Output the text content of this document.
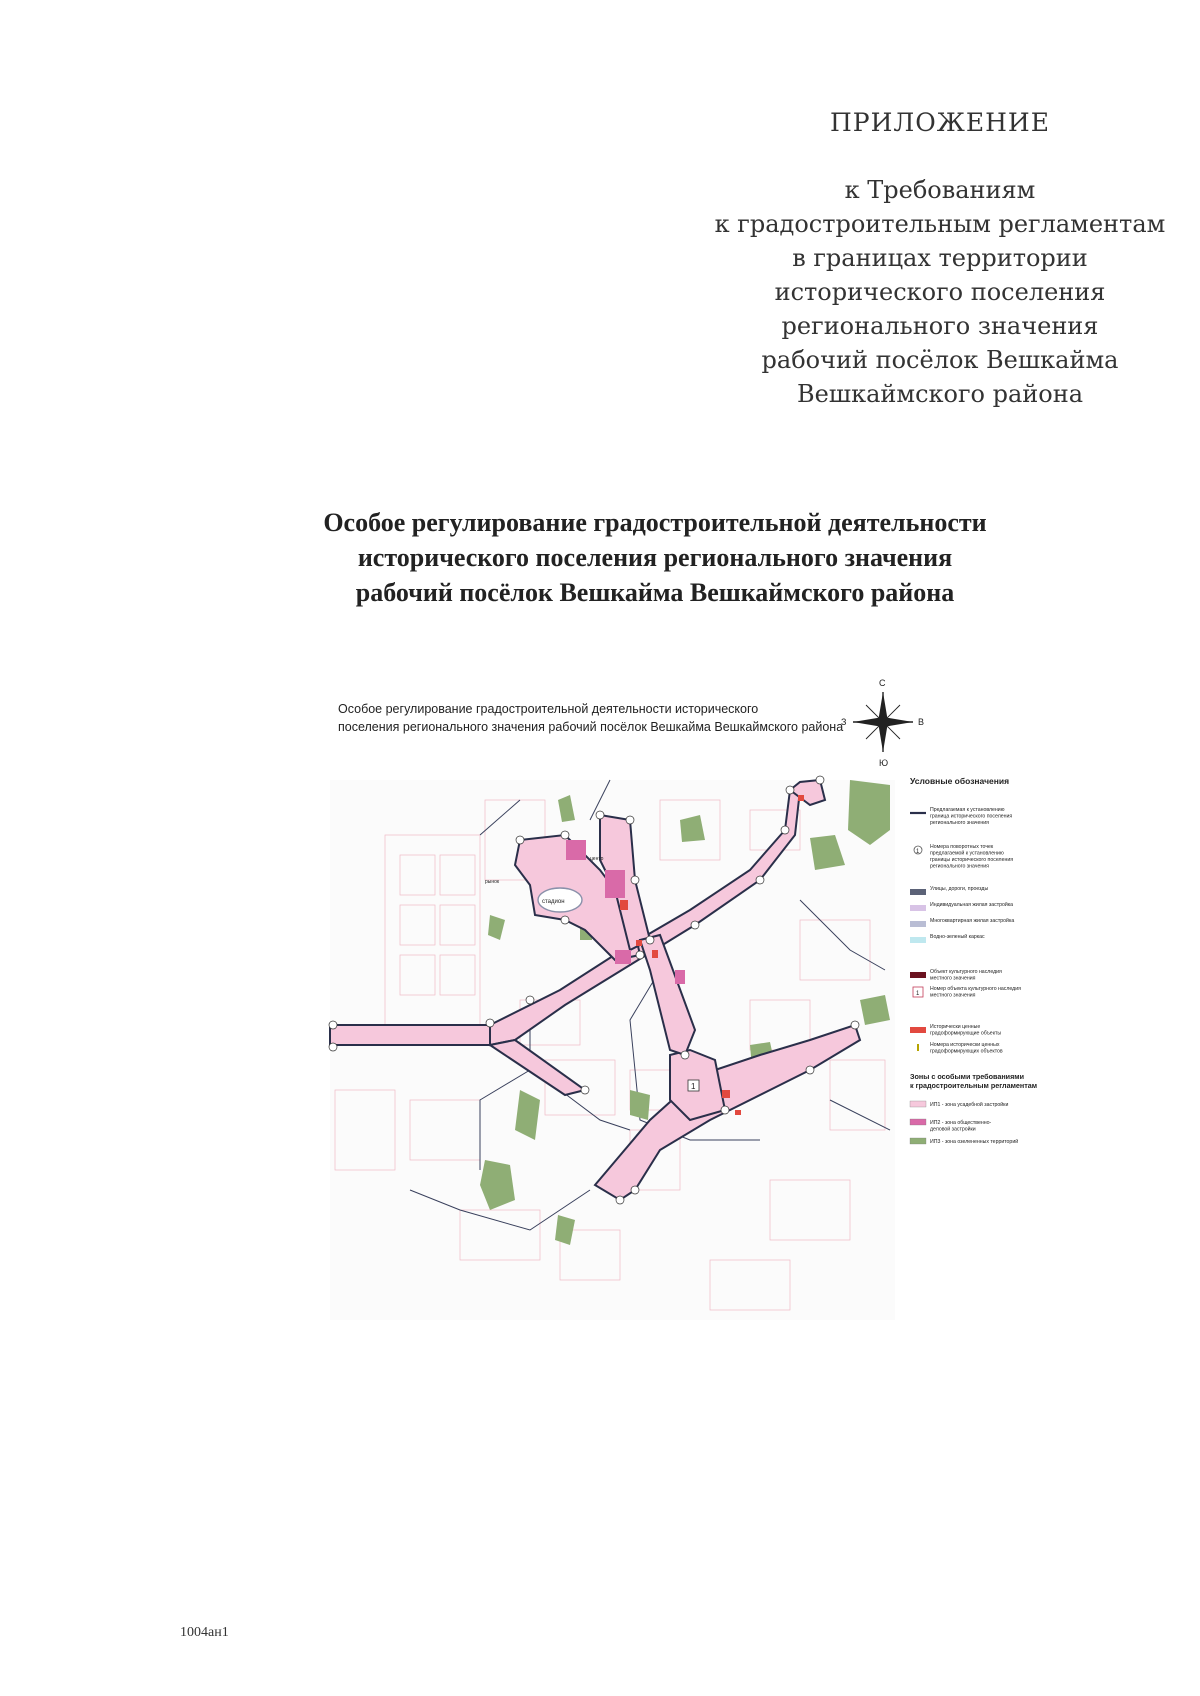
ПРИЛОЖЕНИЕ
к Требованиям
к градостроительным регламентам
в границах территории
исторического поселения
регионального значения
рабочий посёлок Вешкайма
Вешкаймского района
Особое регулирование градостроительной деятельности
исторического поселения регионального значения
рабочий посёлок Вешкайма Вешкаймского района
Особое регулирование градостроительной деятельности исторического
поселения регионального значения рабочий посёлок Вешкайма Вешкаймского района
С
Ю
З	В
стадион
рынок
центр
1
Условные обозначения
Предлагаемая к установлению
граница исторического поселения
регионального значения
1
Номера поворотных точек
предлагаемой к установлению
границы исторического поселения
регионального значения
Улицы, дороги, проезды
Индивидуальная жилая застройка
Многоквартирная жилая застройка
Водно-зеленый каркас
Объект культурного наследия
местного значения
1
Номер объекта культурного наследия
местного значения
Исторически ценные
градоформирующие объекты
Номера исторически ценных
градоформирующих объектов
Зоны с особыми требованиями
к градостроительным регламентам
ИП1 - зона усадебной застройки
ИП2 - зона общественно-
деловой застройки
ИП3 - зона озелененных территорий
1004ан1
